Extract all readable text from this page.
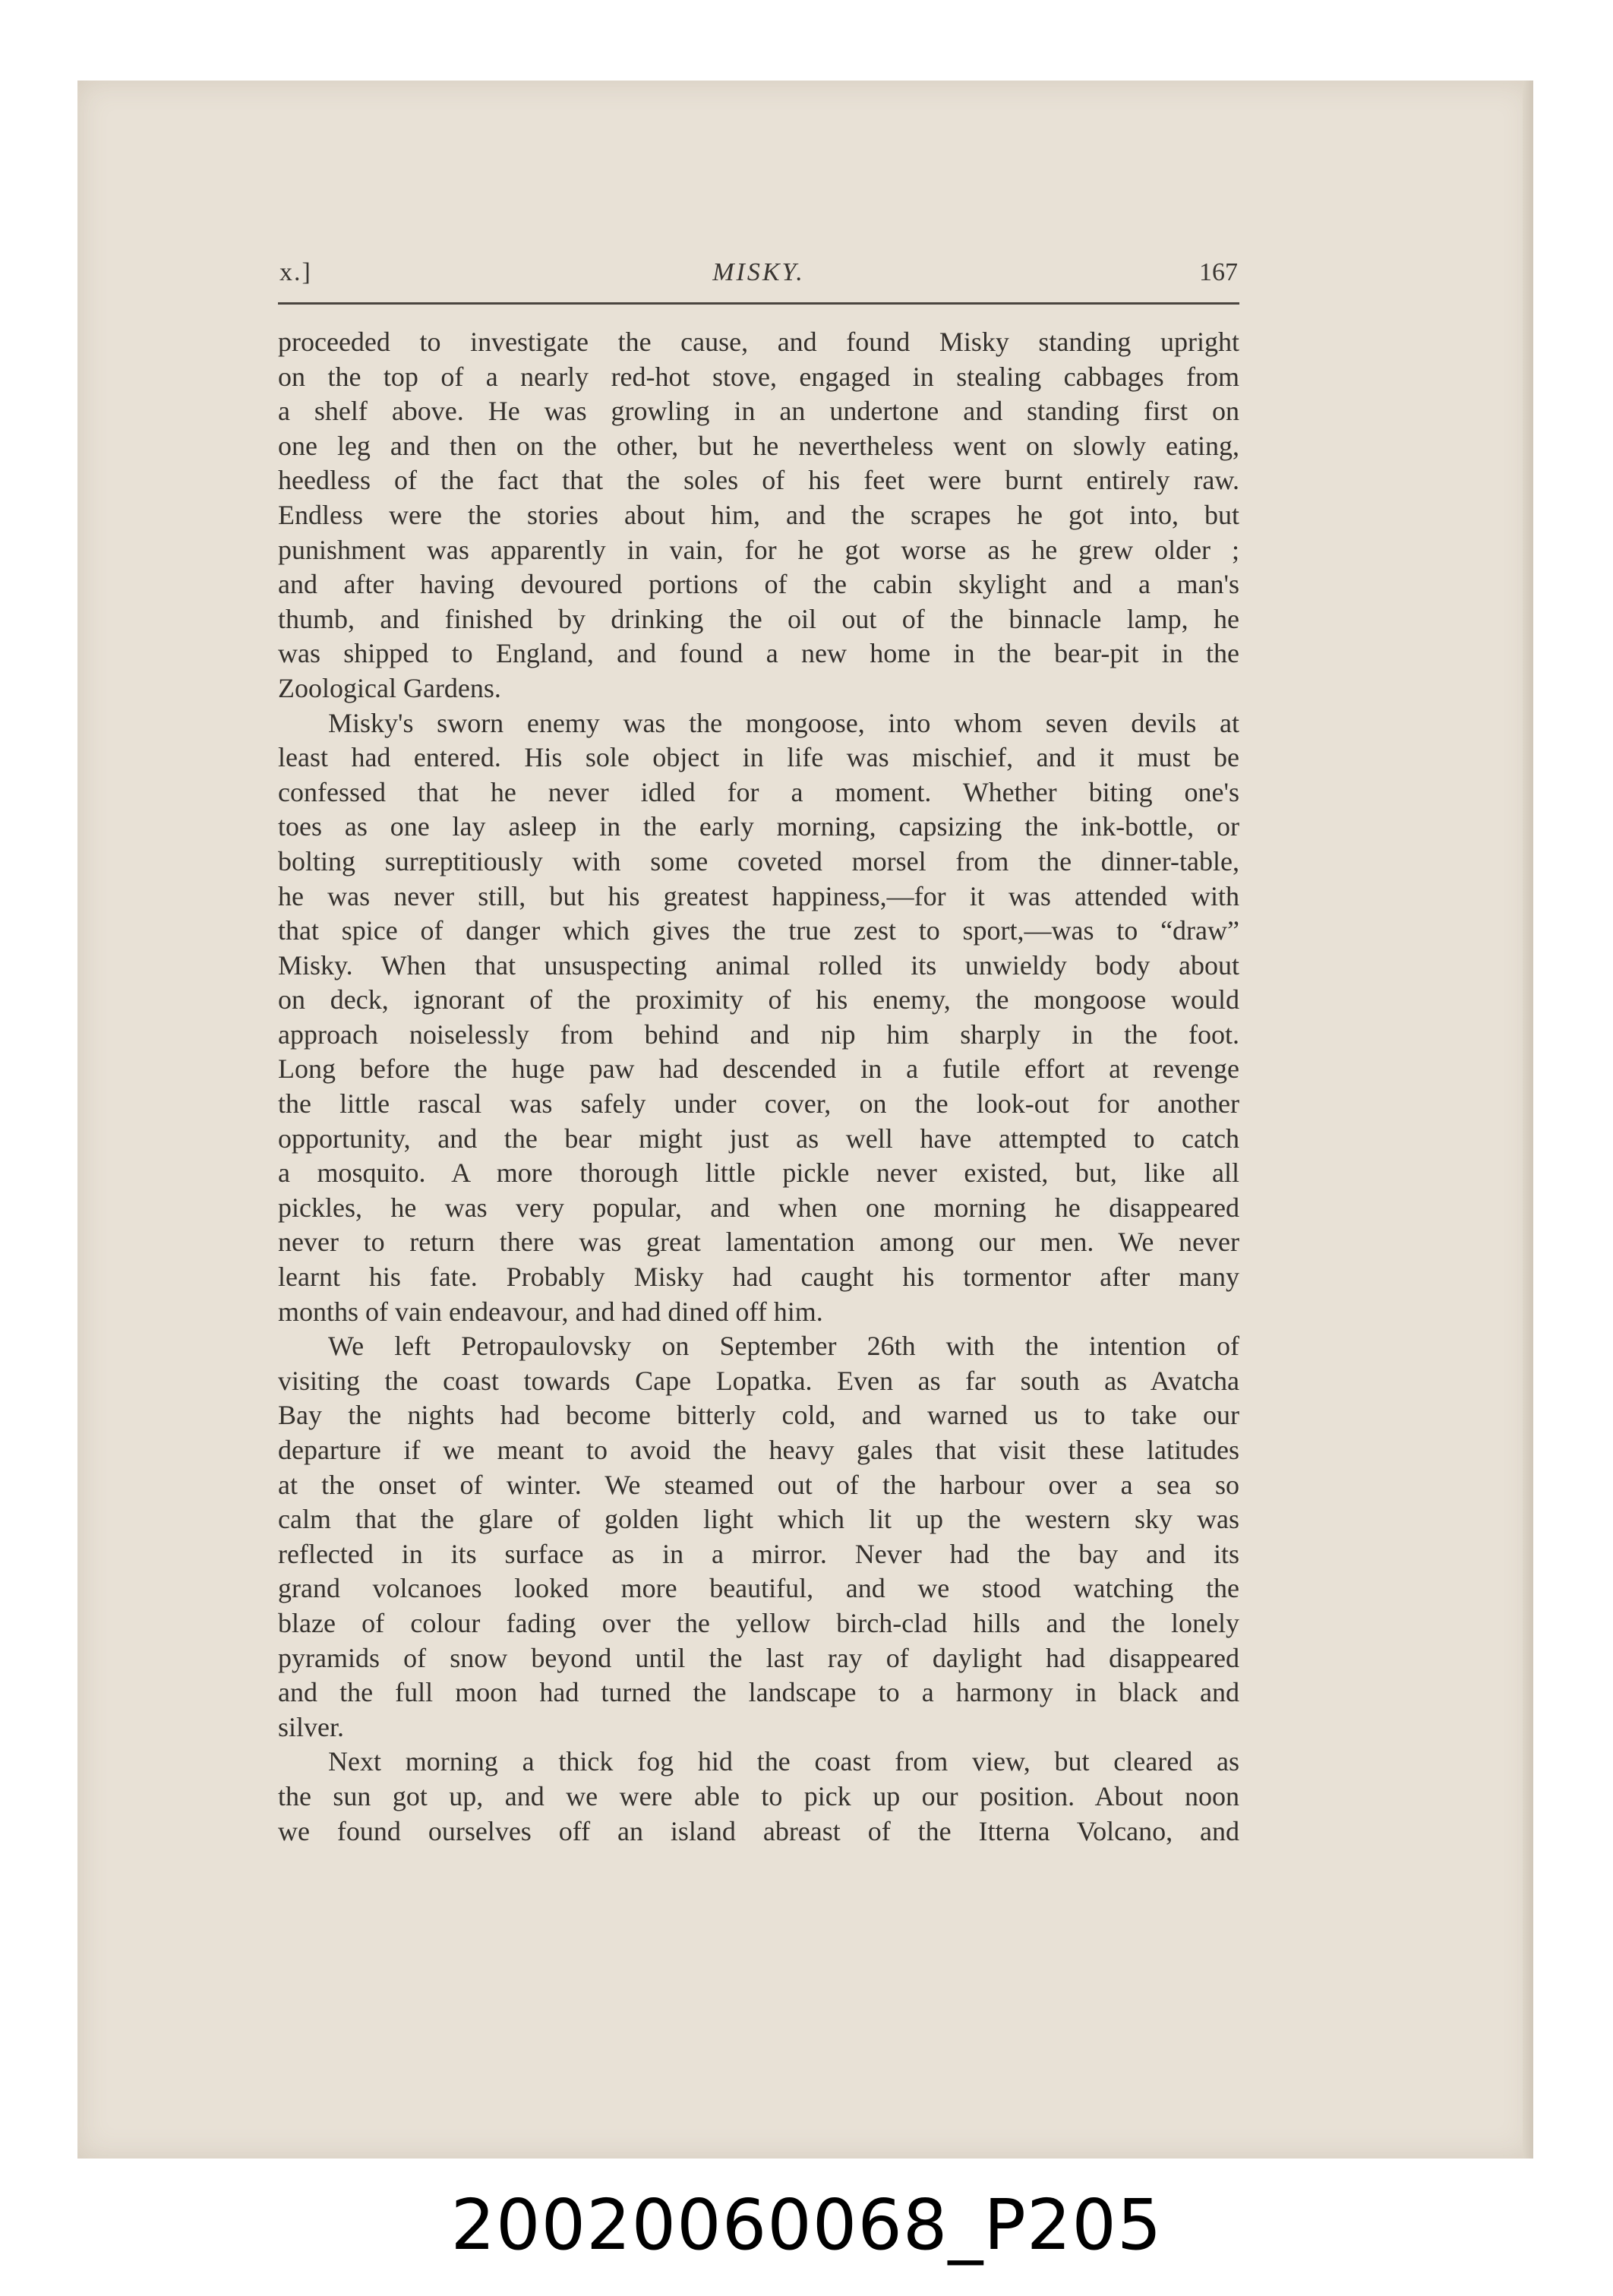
x.]	MISKY.	167
proceeded to investigate the cause, and found Misky standing upright
on the top of a nearly red-hot stove, engaged in stealing cabbages from
a shelf above. He was growling in an undertone and standing first on
one leg and then on the other, but he nevertheless went on slowly eating,
heedless of the fact that the soles of his feet were burnt entirely raw.
Endless were the stories about him, and the scrapes he got into, but
punishment was apparently in vain, for he got worse as he grew older ;
and after having devoured portions of the cabin skylight and a man's
thumb, and finished by drinking the oil out of the binnacle lamp, he
was shipped to England, and found a new home in the bear-pit in the
Zoological Gardens.
Misky's sworn enemy was the mongoose, into whom seven devils at
least had entered. His sole object in life was mischief, and it must be
confessed that he never idled for a moment. Whether biting one's
toes as one lay asleep in the early morning, capsizing the ink-bottle, or
bolting surreptitiously with some coveted morsel from the dinner-table,
he was never still, but his greatest happiness,—for it was attended with
that spice of danger which gives the true zest to sport,—was to “draw”
Misky. When that unsuspecting animal rolled its unwieldy body about
on deck, ignorant of the proximity of his enemy, the mongoose would
approach noiselessly from behind and nip him sharply in the foot.
Long before the huge paw had descended in a futile effort at revenge
the little rascal was safely under cover, on the look-out for another
opportunity, and the bear might just as well have attempted to catch
a mosquito. A more thorough little pickle never existed, but, like all
pickles, he was very popular, and when one morning he disappeared
never to return there was great lamentation among our men. We never
learnt his fate. Probably Misky had caught his tormentor after many
months of vain endeavour, and had dined off him.
We left Petropaulovsky on September 26th with the intention of
visiting the coast towards Cape Lopatka. Even as far south as Avatcha
Bay the nights had become bitterly cold, and warned us to take our
departure if we meant to avoid the heavy gales that visit these latitudes
at the onset of winter. We steamed out of the harbour over a sea so
calm that the glare of golden light which lit up the western sky was
reflected in its surface as in a mirror. Never had the bay and its
grand volcanoes looked more beautiful, and we stood watching the
blaze of colour fading over the yellow birch-clad hills and the lonely
pyramids of snow beyond until the last ray of daylight had disappeared
and the full moon had turned the landscape to a harmony in black and
silver.
Next morning a thick fog hid the coast from view, but cleared as
the sun got up, and we were able to pick up our position. About noon
we found ourselves off an island abreast of the Itterna Volcano, and
20020060068_P205
